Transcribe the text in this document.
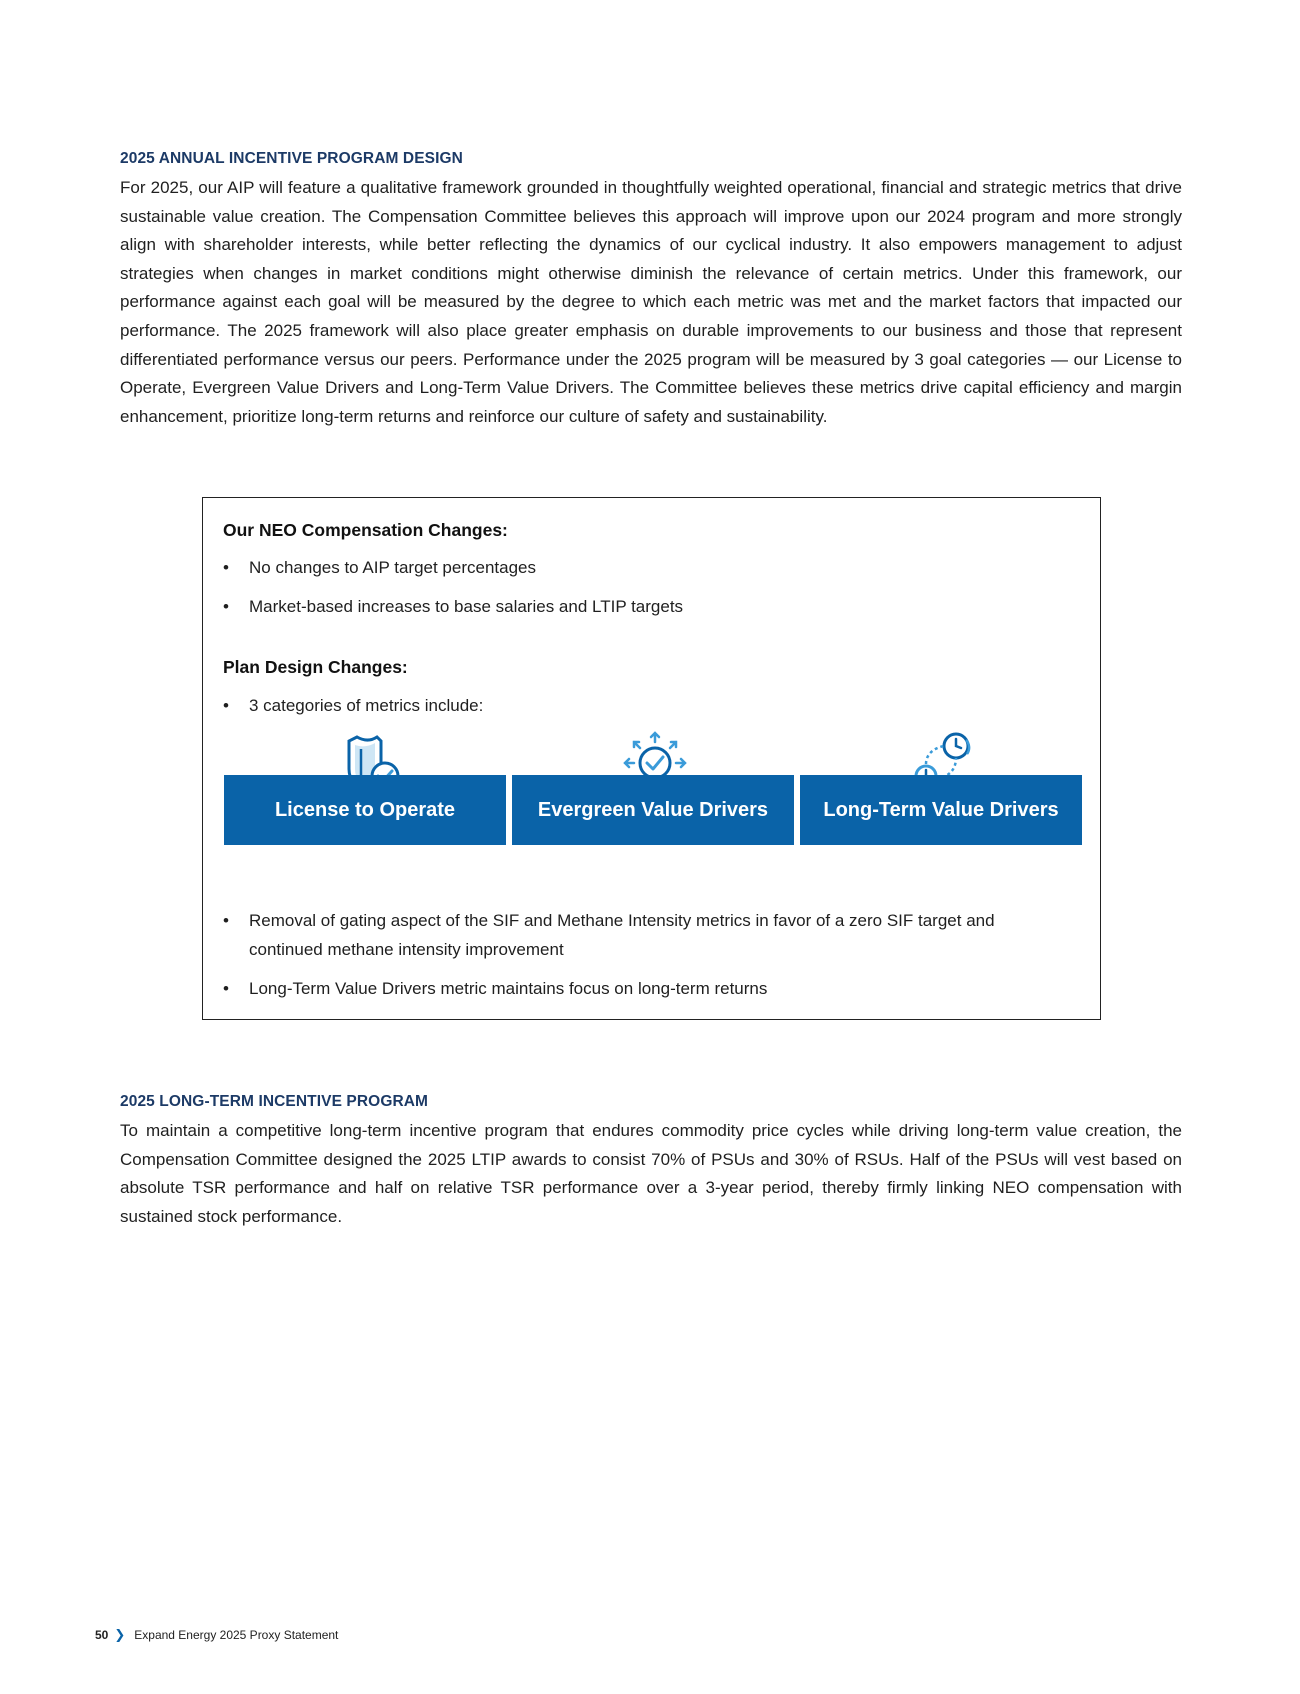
2025 ANNUAL INCENTIVE PROGRAM DESIGN

For 2025, our AIP will feature a qualitative framework grounded in thoughtfully weighted operational, financial and strategic metrics that drive sustainable value creation. The Compensation Committee believes this approach will improve upon our 2024 program and more strongly align with shareholder interests, while better reflecting the dynamics of our cyclical industry. It also empowers management to adjust strategies when changes in market conditions might otherwise diminish the relevance of certain metrics. Under this framework, our performance against each goal will be measured by the degree to which each metric was met and the market factors that impacted our performance. The 2025 framework will also place greater emphasis on durable improvements to our business and those that represent differentiated performance versus our peers. Performance under the 2025 program will be measured by 3 goal categories — our License to Operate, Evergreen Value Drivers and Long-Term Value Drivers. The Committee believes these metrics drive capital efficiency and margin enhancement, prioritize long-term returns and reinforce our culture of safety and sustainability.

Our NEO Compensation Changes:
•	No changes to AIP target percentages
•	Market-based increases to base salaries and LTIP targets
Plan Design Changes:
•	3 categories of metrics include:
License to Operate	Evergreen Value Drivers	Long-Term Value Drivers
•	Removal of gating aspect of the SIF and Methane Intensity metrics in favor of a zero SIF target and continued methane intensity improvement
•	Long-Term Value Drivers metric maintains focus on long-term returns
2025 LONG-TERM INCENTIVE PROGRAM

To maintain a competitive long-term incentive program that endures commodity price cycles while driving long-term value creation, the Compensation Committee designed the 2025 LTIP awards to consist 70% of PSUs and 30% of RSUs. Half of the PSUs will vest based on absolute TSR performance and half on relative TSR performance over a 3-year period, thereby firmly linking NEO compensation with sustained stock performance.

50 ❯ Expand Energy 2025 Proxy Statement
